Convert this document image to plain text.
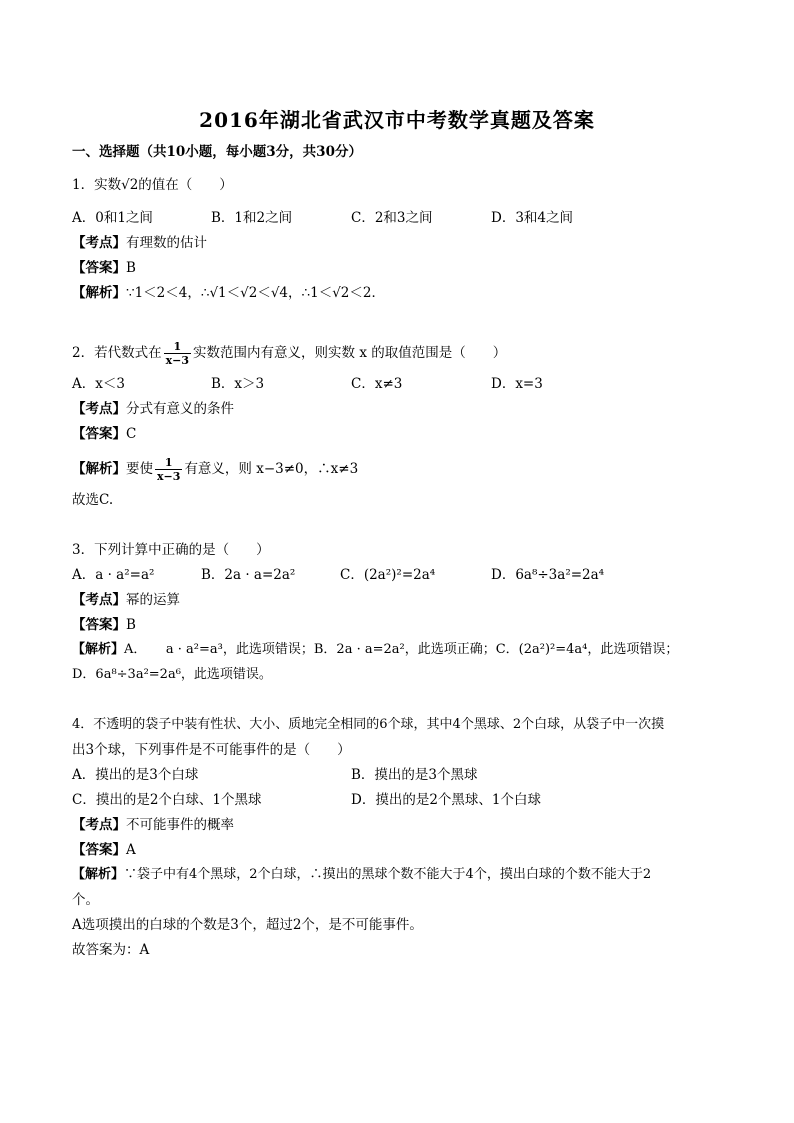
2016年湖北省武汉市中考数学真题及答案
一、选择题（共10小题，每小题3分，共30分）
1．实数√2的值在（　　）
A．0和1之间	B．1和2之间	C．2和3之间	D．3和4之间
【考点】有理数的估计
【答案】B
【解析】∵1＜2＜4，∴√1＜√2＜√4，∴1＜√2＜2．
2．若代数式在 $\frac{1}{x-3}$ 实数范围内有意义，则实数 x 的取值范围是（　　）
A．x＜3	B．x＞3	C．x≠3	D．x=3
【考点】分式有意义的条件
【答案】C
【解析】要使 $\frac{1}{x-3}$ 有意义，则 x−3≠0，∴x≠3
故选C.
3．下列计算中正确的是（　　）
A．a · a²=a²	B．2a · a=2a²	C．(2a²)²=2a⁴	D．6a⁸÷3a²=2a⁴
【考点】幂的运算
【答案】B
【解析】A．　　a · a²=a³，此选项错误；B．2a · a=2a²，此选项正确；C．(2a²)²=4a⁴，此选项错误；
D．6a⁸÷3a²=2a⁶，此选项错误。
4．不透明的袋子中装有性状、大小、质地完全相同的6个球，其中4个黑球、2个白球，从袋子中一次摸
出3个球，下列事件是不可能事件的是（　　）
A．摸出的是3个白球	B．摸出的是3个黑球
C．摸出的是2个白球、1个黑球	D．摸出的是2个黑球、1个白球
【考点】不可能事件的概率
【答案】A
【解析】∵袋子中有4个黑球，2个白球，∴摸出的黑球个数不能大于4个，摸出白球的个数不能大于2
个。
A选项摸出的白球的个数是3个，超过2个，是不可能事件。
故答案为：A
